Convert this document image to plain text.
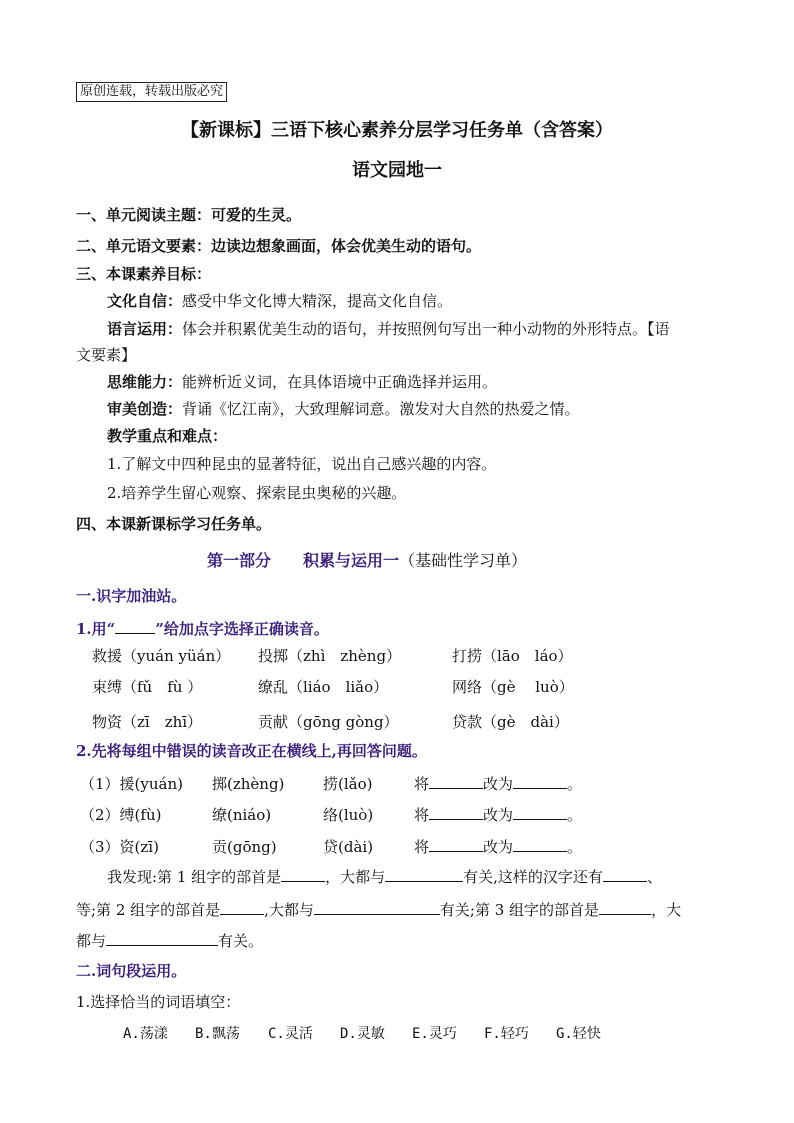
原创连载，转载出版必究
【新课标】三语下核心素养分层学习任务单（含答案）
语文园地一
一、单元阅读主题：可爱的生灵。
二、单元语文要素：边读边想象画面，体会优美生动的语句。
三、本课素养目标：
文化自信：感受中华文化博大精深，提高文化自信。
语言运用：体会并积累优美生动的语句，并按照例句写出一种小动物的外形特点。【语
文要素】
思维能力：能辨析近义词，在具体语境中正确选择并运用。
审美创造：背诵《忆江南》，大致理解词意。激发对大自然的热爱之情。
教学重点和难点：
1.了解文中四种昆虫的显著特征，说出自己感兴趣的内容。
2.培养学生留心观察、探索昆虫奥秘的兴趣。
四、本课新课标学习任务单。
第一部分　　积累与运用一（基础性学习单）
一.识字加油站。
1.用“	”给加点字选择正确读音。
救援（yuán yüán） 投掷（zhì　zhèng）	打捞（lāo　láo）
束缚（fǔ　fù ）	缭乱（liáo　liǎo）	网络（gè　 luò）
物资（zī　zhī）	贡献（gōng gòng）	贷款（gè　dài）
2.先将每组中错误的读音改正在横线上,再回答问题。
（1）援(yuán) 掷(zhèng)	捞(lǎo)	将	改为	。
（2）缚(fù)	缭(niáo)	络(luò)	将	改为	。
（3）资(zī)	贡(gōng)	贷(dài)	将	改为	。
我发现:第 1 组字的部首是	，大都与	有关,这样的汉字还有	、
等;第 2 组字的部首是	,大都与	有关;第 3 组字的部首是	，大
都与	有关。
二.词句段运用。
1.选择恰当的词语填空：
A.荡漾 B.飘荡 C.灵活 D.灵敏 E.灵巧 F.轻巧 G.轻快
